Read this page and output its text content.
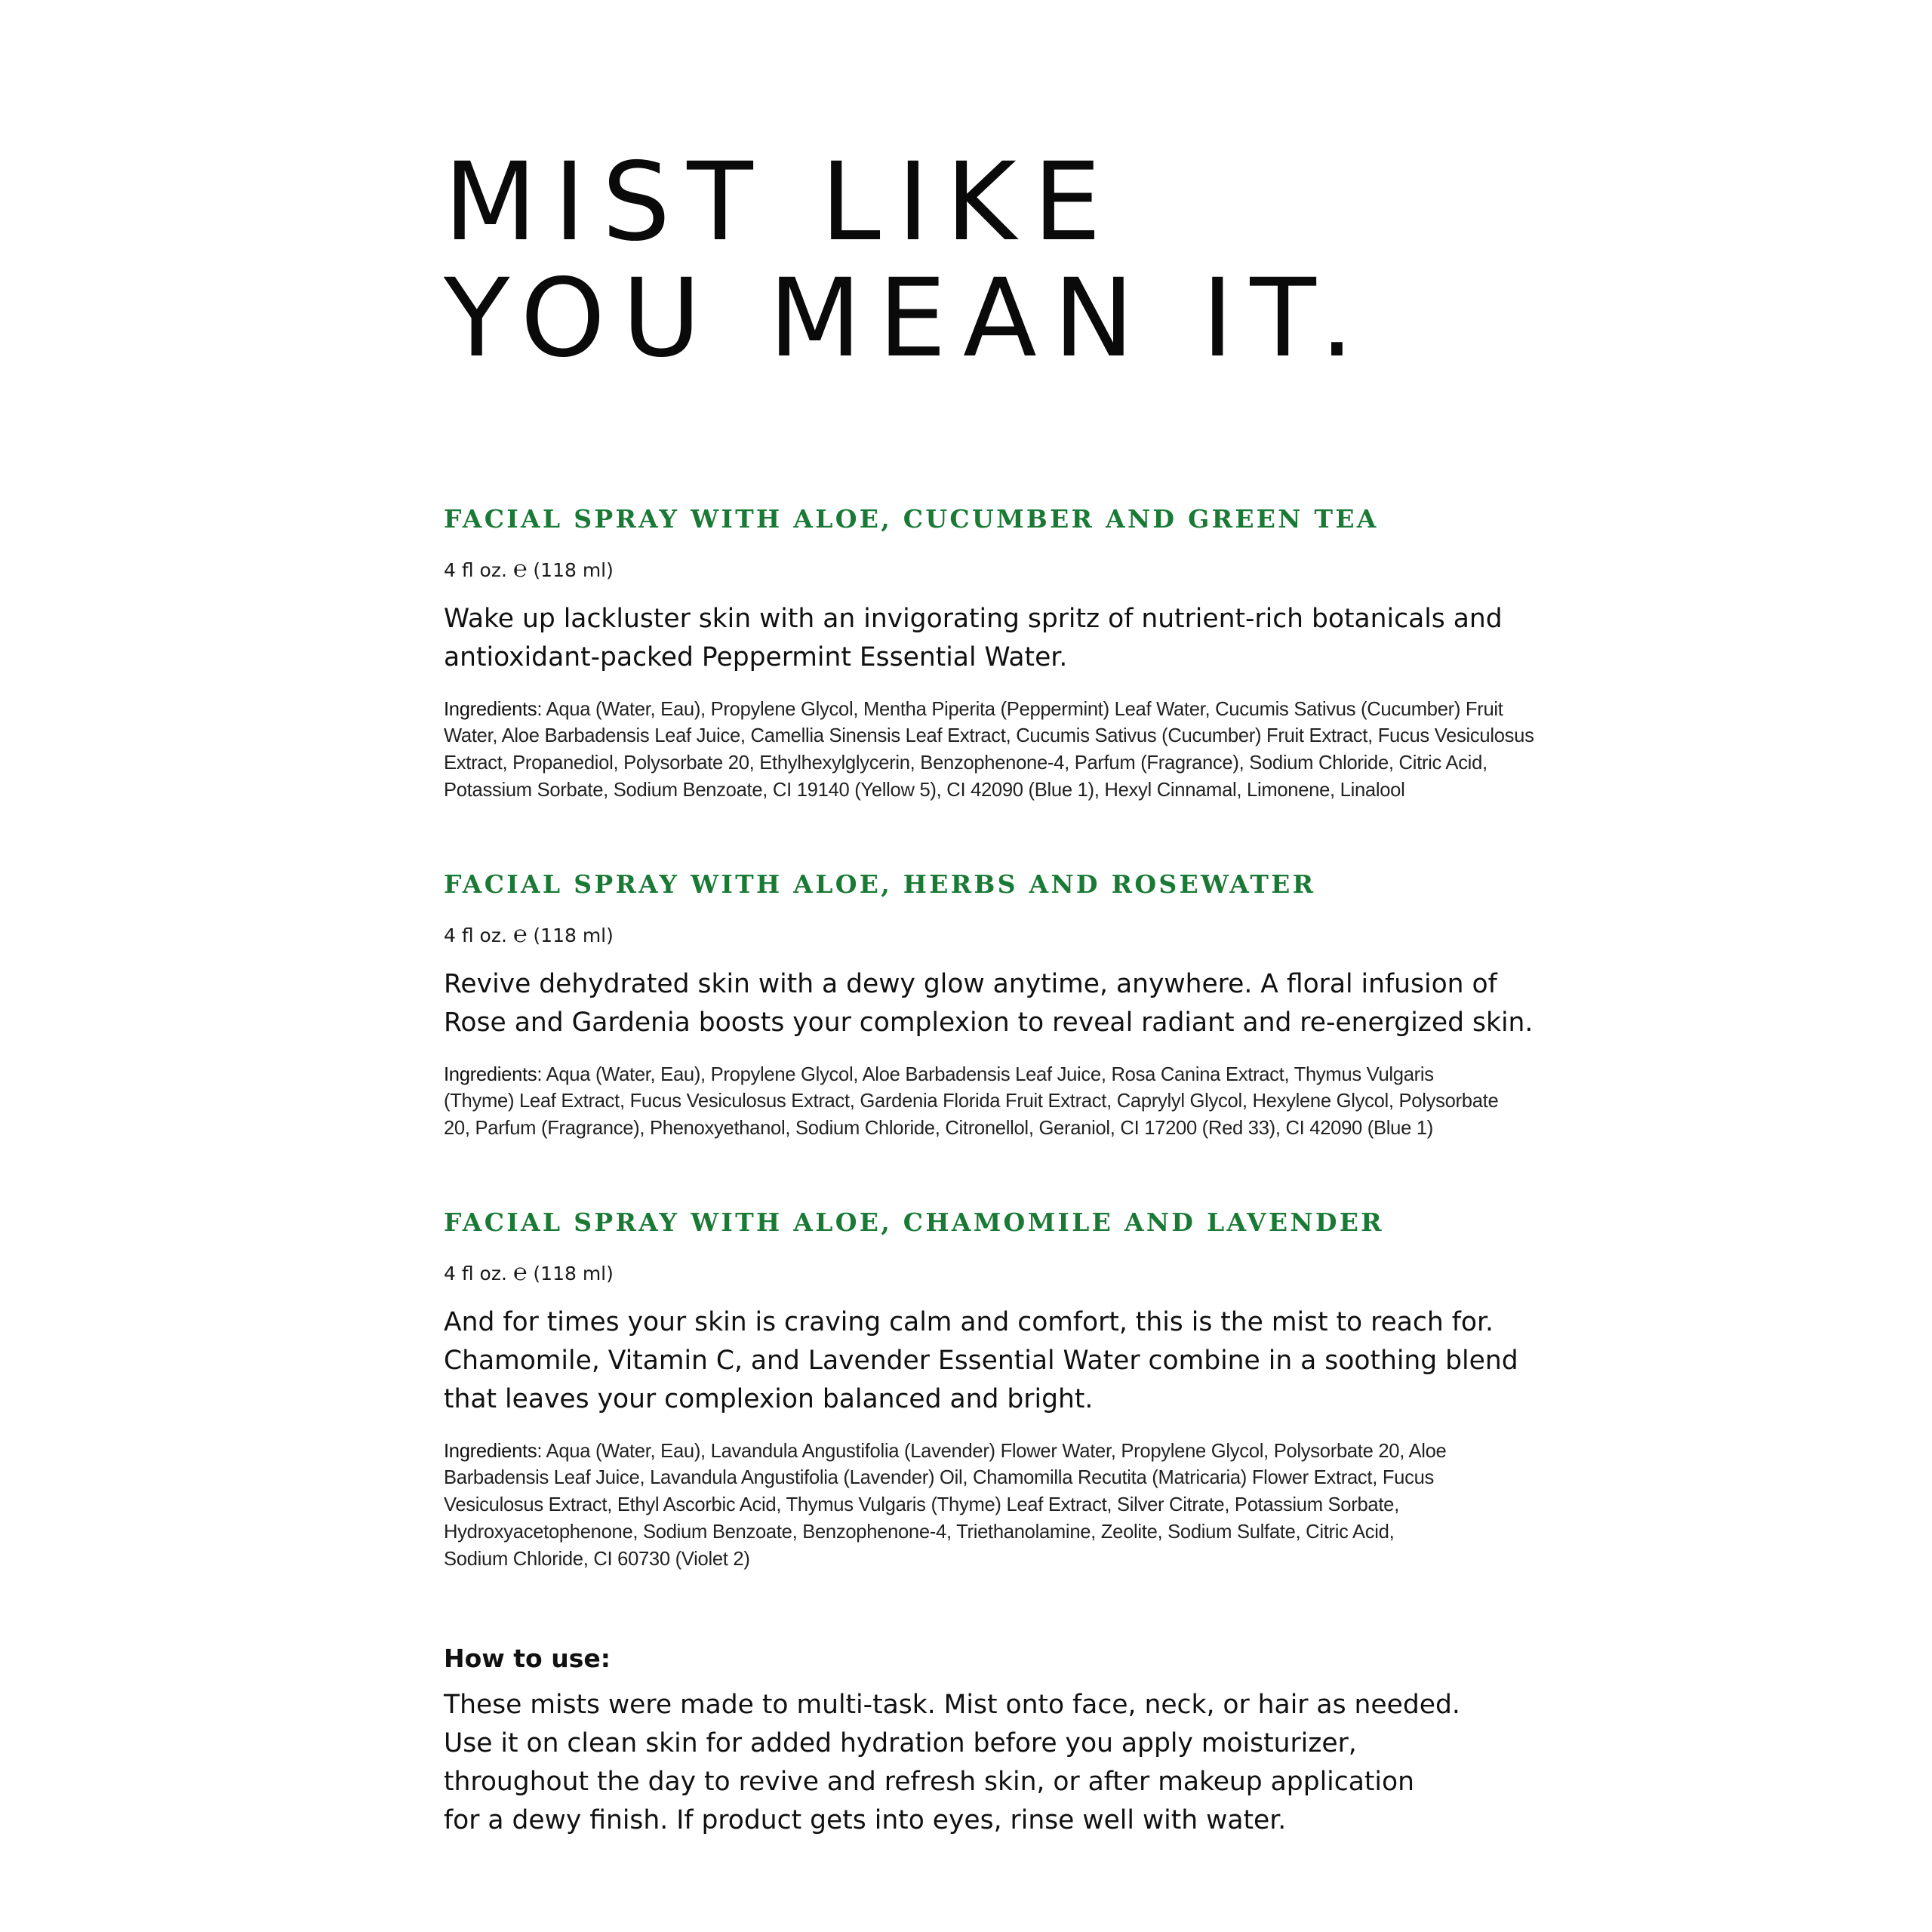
MIST LIKE
YOU MEAN IT.
FACIAL SPRAY WITH ALOE, CUCUMBER AND GREEN TEA

4 fl oz. ℮ (118 ml)

Wake up lackluster skin with an invigorating spritz of nutrient-rich botanicals and
antioxidant-packed Peppermint Essential Water.

Ingredients: Aqua (Water, Eau), Propylene Glycol, Mentha Piperita (Peppermint) Leaf Water, Cucumis Sativus (Cucumber) Fruit
Water, Aloe Barbadensis Leaf Juice, Camellia Sinensis Leaf Extract, Cucumis Sativus (Cucumber) Fruit Extract, Fucus Vesiculosus
Extract, Propanediol, Polysorbate 20, Ethylhexylglycerin, Benzophenone-4, Parfum (Fragrance), Sodium Chloride, Citric Acid,
Potassium Sorbate, Sodium Benzoate, CI 19140 (Yellow 5), CI 42090 (Blue 1), Hexyl Cinnamal, Limonene, Linalool

FACIAL SPRAY WITH ALOE, HERBS AND ROSEWATER

4 fl oz. ℮ (118 ml)

Revive dehydrated skin with a dewy glow anytime, anywhere. A floral infusion of
Rose and Gardenia boosts your complexion to reveal radiant and re-energized skin.

Ingredients: Aqua (Water, Eau), Propylene Glycol, Aloe Barbadensis Leaf Juice, Rosa Canina Extract, Thymus Vulgaris
(Thyme) Leaf Extract, Fucus Vesiculosus Extract, Gardenia Florida Fruit Extract, Caprylyl Glycol, Hexylene Glycol, Polysorbate
20, Parfum (Fragrance), Phenoxyethanol, Sodium Chloride, Citronellol, Geraniol, CI 17200 (Red 33), CI 42090 (Blue 1)

FACIAL SPRAY WITH ALOE, CHAMOMILE AND LAVENDER

4 fl oz. ℮ (118 ml)

And for times your skin is craving calm and comfort, this is the mist to reach for.
Chamomile, Vitamin C, and Lavender Essential Water combine in a soothing blend
that leaves your complexion balanced and bright.

Ingredients: Aqua (Water, Eau), Lavandula Angustifolia (Lavender) Flower Water, Propylene Glycol, Polysorbate 20, Aloe
Barbadensis Leaf Juice, Lavandula Angustifolia (Lavender) Oil, Chamomilla Recutita (Matricaria) Flower Extract, Fucus
Vesiculosus Extract, Ethyl Ascorbic Acid, Thymus Vulgaris (Thyme) Leaf Extract, Silver Citrate, Potassium Sorbate,
Hydroxyacetophenone, Sodium Benzoate, Benzophenone-4, Triethanolamine, Zeolite, Sodium Sulfate, Citric Acid,
Sodium Chloride, CI 60730 (Violet 2)

How to use:

These mists were made to multi-task. Mist onto face, neck, or hair as needed.
Use it on clean skin for added hydration before you apply moisturizer,
throughout the day to revive and refresh skin, or after makeup application
for a dewy finish. If product gets into eyes, rinse well with water.
